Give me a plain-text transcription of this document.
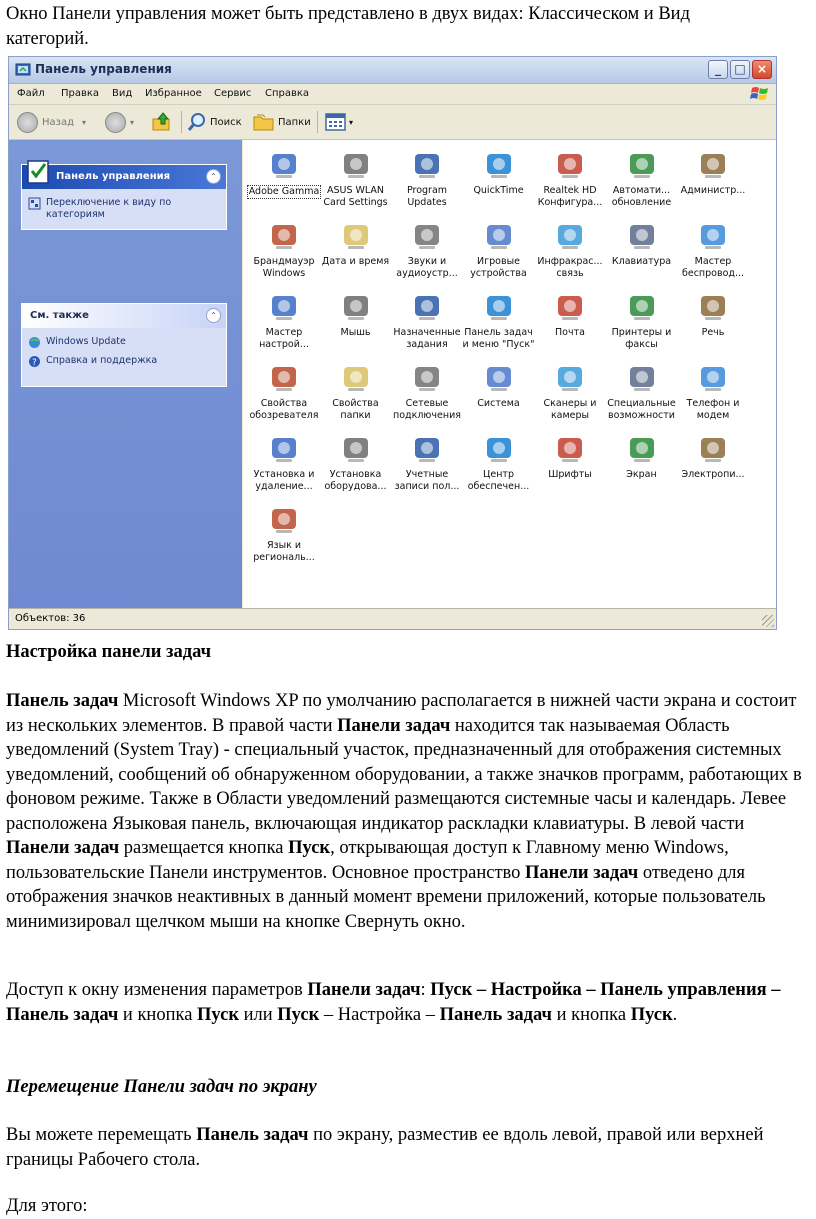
Окно Панели управления может быть представлено в двух видах: Классическом и Вид
категорий.

Панель управления	_	□ ×
Файл Правка Вид Избранное Сервис Справка
Назад ▾	▾	Поиск	Папки	▾
Панель управления	⌃
Переключение к виду по категориям
См. также	⌃
Windows Update
? Справка и поддержка
Adobe Gamma ASUS WLAN
Card Settings
Program
Updates
QuickTime	Realtek HD
Конфигура...
Автомати...
обновление
Администр...
Брандмауэр
Windows
Дата и время	Звуки и
аудиоустр...
Игровые
устройства
Инфракрас...
связь
Клавиатура	Мастер
беспровод...
Мастер
настрой...
Мышь	Назначенные
задания
Панель задач
и меню "Пуск"
Почта	Принтеры и
факсы
Речь
Свойства
обозревателя
Свойства
папки
Сетевые
подключения
Система	Сканеры и
камеры
Специальные
возможности
Телефон и
модем
Установка и
удаление...
Установка
оборудова...
Учетные
записи пол...
Центр
обеспечен...
Шрифты	Экран	Электропи...
Язык и
региональ...
Объектов: 36

Настройка панели задач

Панель задач Microsoft Windows XP по умолчанию располагается в нижней части экрана и состоит из нескольких элементов. В правой части Панели задач находится так называемая Область уведомлений (System Tray) - специальный участок, предназначенный для отображения системных уведомлений, сообщений об обнаруженном оборудовании, а также значков программ, работающих в фоновом режиме. Также в Области уведомлений размещаются системные часы и календарь. Левее расположена Языковая панель, включающая индикатор раскладки клавиатуры. В левой части Панели задач размещается кнопка Пуск, открывающая доступ к Главному меню Windows, пользовательские Панели инструментов. Основное пространство Панели задач отведено для отображения значков неактивных в данный момент времени приложений, которые пользователь минимизировал щелчком мыши на кнопке Свернуть окно.

Доступ к окну изменения параметров Панели задач: Пуск – Настройка – Панель управления – Панель задач и кнопка Пуск или Пуск – Настройка – Панель задач и кнопка Пуск.

Перемещение Панели задач по экрану

Вы можете перемещать Панель задач по экрану, разместив ее вдоль левой, правой или верхней границы Рабочего стола.

Для этого:
